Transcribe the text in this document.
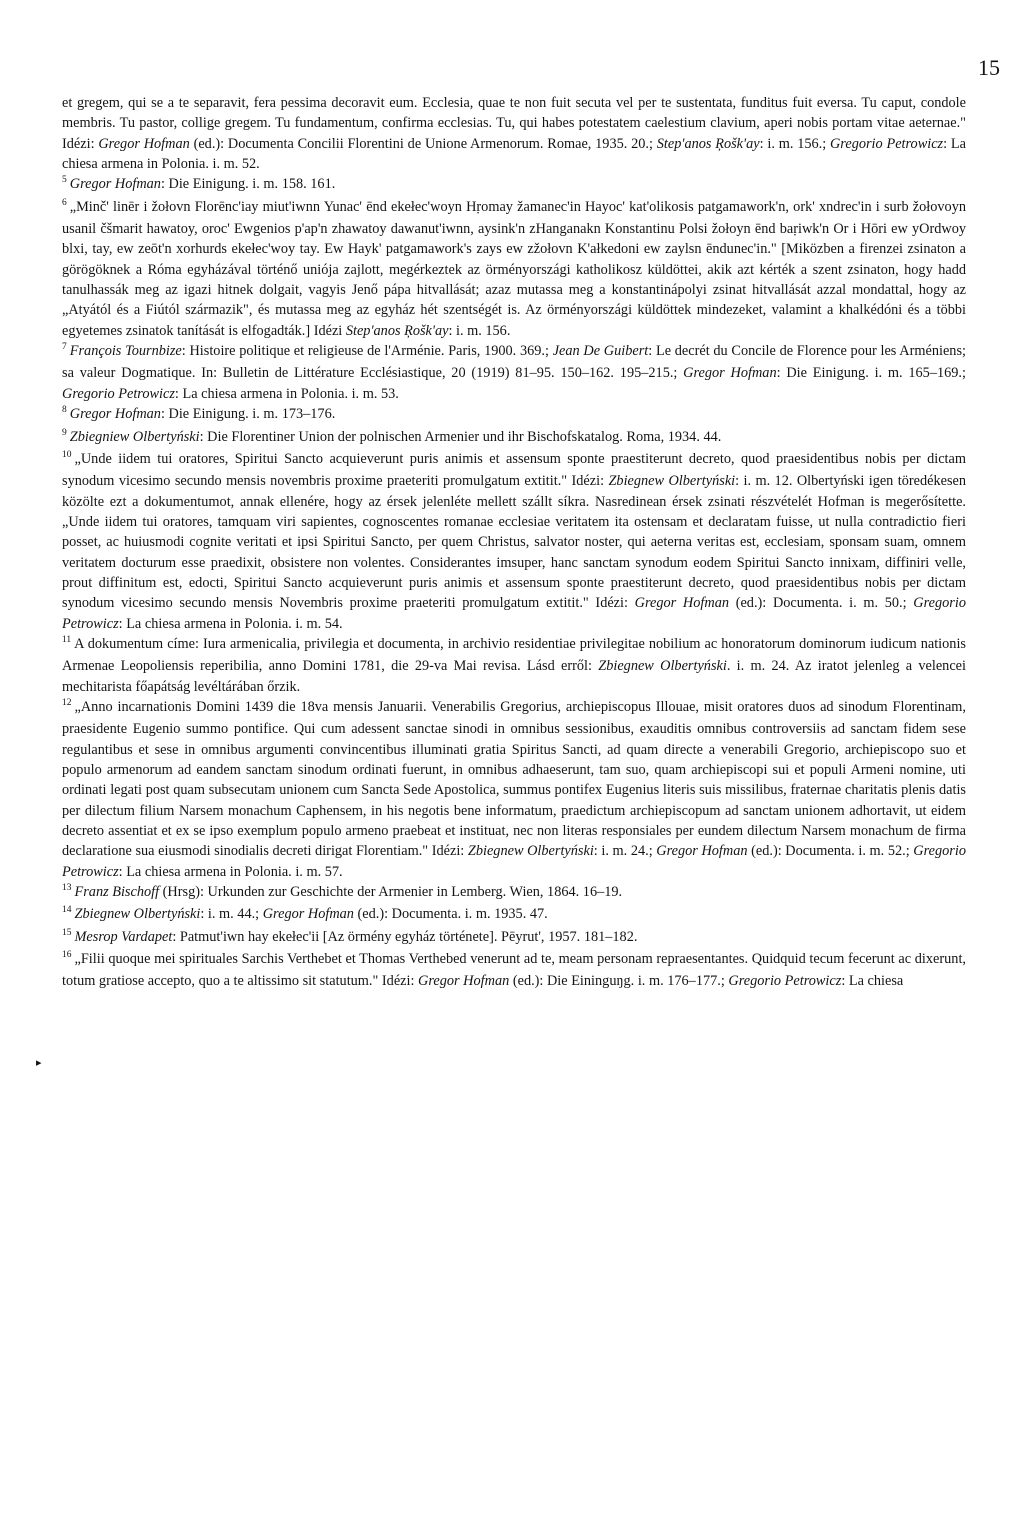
15
▸

et gregem, qui se a te separavit, fera pessima decoravit eum. Ecclesia, quae te non fuit secuta vel per te sustentata, funditus fuit eversa. Tu caput, condole membris. Tu pastor, collige gregem. Tu fundamentum, confirma ecclesias. Tu, qui habes potestatem caelestium clavium, aperi nobis portam vitae aeternae." Idézi: Gregor Hofman (ed.): Documenta Concilii Florentini de Unione Armenorum. Romae, 1935. 20.; Step'anos Ŗošk'ay: i. m. 156.; Gregorio Petrowicz: La chiesa armena in Polonia. i. m. 52.

$^5$ Gregor Hofman: Die Einigung. i. m. 158. 161.

$^6$ „Minč' linēr i žołovn Florēnc'iay miut'iwnn Yunac' ēnd ekełec'woyn Hṛomay žamanec'in Hayoc' kat'olikosis patgamawork'n, ork' xndrec'in i surb žołovoyn usanil čšmarit hawatoy, oroc' Ewgenios p'ap'n zhawatoy dawanut'iwnn, aysink'n zHanganakn Konstantinu Polsi žołoyn ēnd baṛiwk'n Or i Hōri ew yOrdwoy blxi, tay, ew zeōt'n xorhurds ekełec'woy tay. Ew Hayk' patgamawork's zays ew zžołovn K'ałkedoni ew zaylsn ēndunec'in." [Miközben a firenzei zsinaton a görögöknek a Róma egyházával történő uniója zajlott, megérkeztek az örményországi katholikosz küldöttei, akik azt kérték a szent zsinaton, hogy hadd tanulhassák meg az igazi hitnek dolgait, vagyis Jenő pápa hitvallását; azaz mutassa meg a konstantinápolyi zsinat hitvallását azzal mondattal, hogy az „Atyától és a Fiútól származik", és mutassa meg az egyház hét szentségét is. Az örményországi küldöttek mindezeket, valamint a khalkédóni és a többi egyetemes zsinatok tanítását is elfogadták.] Idézi Step'anos Ŗošk'ay: i. m. 156.

$^7$ François Tournbize: Histoire politique et religieuse de l'Arménie. Paris, 1900. 369.; Jean De Guibert: Le decrét du Concile de Florence pour les Arméniens; sa valeur Dogmatique. In: Bulletin de Littérature Ecclésiastique, 20 (1919) 81–95. 150–162. 195–215.; Gregor Hofman: Die Einigung. i. m. 165–169.; Gregorio Petrowicz: La chiesa armena in Polonia. i. m. 53.

$^8$ Gregor Hofman: Die Einigung. i. m. 173–176.

$^9$ Zbiegniew Olbertyński: Die Florentiner Union der polnischen Armenier und ihr Bischofskatalog. Roma, 1934. 44.

$^{10}$ „Unde iidem tui oratores, Spiritui Sancto acquieverunt puris animis et assensum sponte praestiterunt decreto, quod praesidentibus nobis per dictam synodum vicesimo secundo mensis novembris proxime praeteriti promulgatum extitit." Idézi: Zbiegnew Olbertyński: i. m. 12. Olbertyński igen töredékesen közölte ezt a dokumentumot, annak ellenére, hogy az érsek jelenléte mellett szállt síkra. Nasredinean érsek zsinati részvételét Hofman is megerősítette. „Unde iidem tui oratores, tamquam viri sapientes, cognoscentes romanae ecclesiae veritatem ita ostensam et declaratam fuisse, ut nulla contradictio fieri posset, ac huiusmodi cognite veritati et ipsi Spiritui Sancto, per quem Christus, salvator noster, qui aeterna veritas est, ecclesiam, sponsam suam, omnem veritatem docturum esse praedixit, obsistere non volentes. Considerantes imsuper, hanc sanctam synodum eodem Spiritui Sancto innixam, diffiniri velle, prout diffinitum est, edocti, Spiritui Sancto acquieverunt puris animis et assensum sponte praestiterunt decreto, quod praesidentibus nobis per dictam synodum vicesimo secundo mensis Novembris proxime praeteriti promulgatum extitit." Idézi: Gregor Hofman (ed.): Documenta. i. m. 50.; Gregorio Petrowicz: La chiesa armena in Polonia. i. m. 54.

$^{11}$ A dokumentum címe: Iura armenicalia, privilegia et documenta, in archivio residentiae privilegitae nobilium ac honoratorum dominorum iudicum nationis Armenae Leopoliensis reperibilia, anno Domini 1781, die 29-va Mai revisa. Lásd erről: Zbiegnew Olbertyński. i. m. 24. Az iratot jelenleg a velencei mechitarista főapátság levéltárában őrzik.

$^{12}$ „Anno incarnationis Domini 1439 die 18va mensis Januarii. Venerabilis Gregorius, archiepiscopus Illouae, misit oratores duos ad sinodum Florentinam, praesidente Eugenio summo pontifice. Qui cum adessent sanctae sinodi in omnibus sessionibus, exauditis omnibus controversiis ad sanctam fidem sese regulantibus et sese in omnibus argumenti convincentibus illuminati gratia Spiritus Sancti, ad quam directe a venerabili Gregorio, archiepiscopo suo et populo armenorum ad eandem sanctam sinodum ordinati fuerunt, in omnibus adhaeserunt, tam suo, quam archiepiscopi sui et populi Armeni nomine, uti ordinati legati post quam subsecutam unionem cum Sancta Sede Apostolica, summus pontifex Eugenius literis suis missilibus, fraternae charitatis plenis datis per dilectum filium Narsem monachum Caphensem, in his negotis bene informatum, praedictum archiepiscopum ad sanctam unionem adhortavit, ut eidem decreto assentiat et ex se ipso exemplum populo armeno praebeat et instituat, nec non literas responsiales per eundem dilectum Narsem monachum de firma declaratione sua eiusmodi sinodialis decreti dirigat Florentiam." Idézi: Zbiegnew Olbertyński: i. m. 24.; Gregor Hofman (ed.): Documenta. i. m. 52.; Gregorio Petrowicz: La chiesa armena in Polonia. i. m. 57.

$^{13}$ Franz Bischoff (Hrsg): Urkunden zur Geschichte der Armenier in Lemberg. Wien, 1864. 16–19.

$^{14}$ Zbiegnew Olbertyński: i. m. 44.; Gregor Hofman (ed.): Documenta. i. m. 1935. 47.

$^{15}$ Mesrop Vardapet: Patmut'iwn hay ekełec'ii [Az örmény egyház története]. Pēyrut', 1957. 181–182.

$^{16}$ „Filii quoque mei spirituales Sarchis Verthebet et Thomas Verthebed venerunt ad te, meam personam repraesentantes. Quidquid tecum fecerunt ac dixerunt, totum gratiose accepto, quo a te altissimo sit statutum." Idézi: Gregor Hofman (ed.): Die Eininguŋg. i. m. 176–177.; Gregorio Petrowicz: La chiesa
